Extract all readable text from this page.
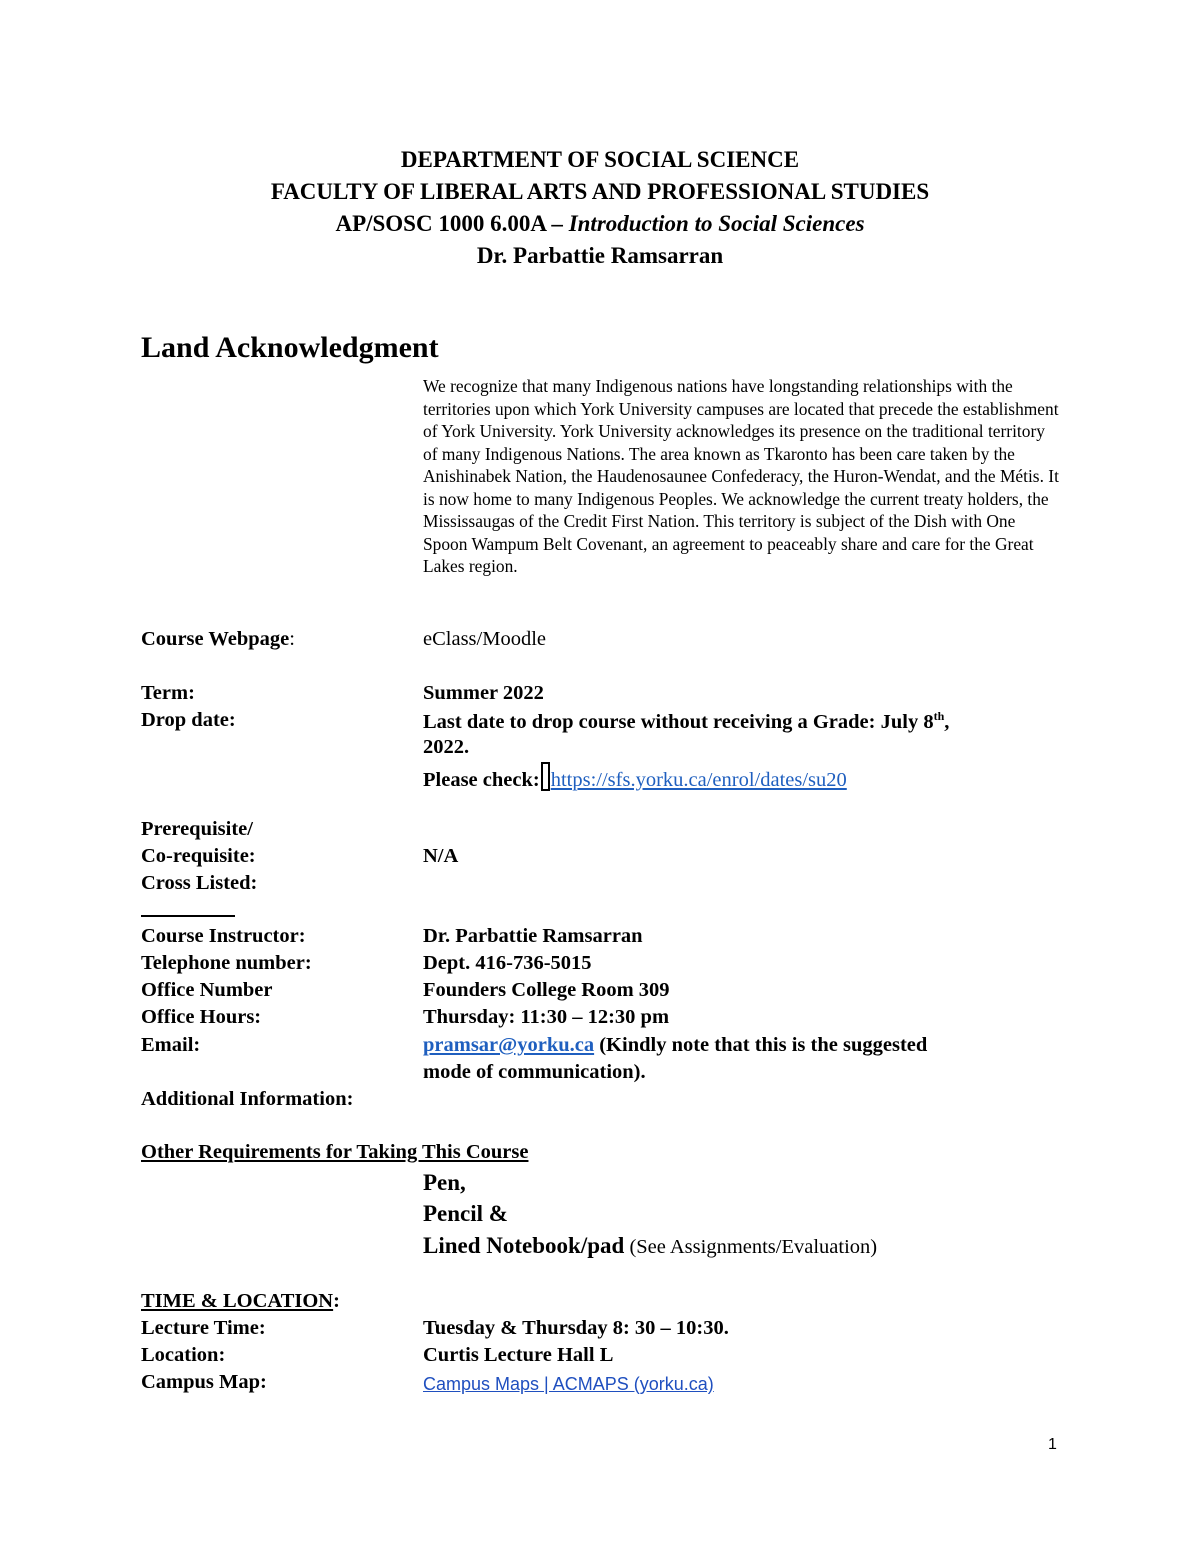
DEPARTMENT OF SOCIAL SCIENCE
FACULTY OF LIBERAL ARTS AND PROFESSIONAL STUDIES
AP/SOSC 1000 6.00A – Introduction to Social Sciences
Dr. Parbattie Ramsarran
Land Acknowledgment
We recognize that many Indigenous nations have longstanding relationships with the territories upon which York University campuses are located that precede the establishment of York University. York University acknowledges its presence on the traditional territory of many Indigenous Nations. The area known as Tkaronto has been care taken by the Anishinabek Nation, the Haudenosaunee Confederacy, the Huron-Wendat, and the Métis. It is now home to many Indigenous Peoples. We acknowledge the current treaty holders, the Mississaugas of the Credit First Nation. This territory is subject of the Dish with One Spoon Wampum Belt Covenant, an agreement to peaceably share and care for the Great Lakes region.
Course Webpage:	eClass/Moodle
Term:	Summer 2022
Drop date:	Last date to drop course without receiving a Grade: July 8th,
2022.
Please check: https://sfs.yorku.ca/enrol/dates/su20
Prerequisite/
Co-requisite:	N/A
Cross Listed:
Course Instructor:	Dr. Parbattie Ramsarran
Telephone number:	Dept. 416-736-5015
Office Number	Founders College Room 309
Office Hours:	Thursday: 11:30 – 12:30 pm
Email:	pramsar@yorku.ca (Kindly note that this is the suggested
mode of communication).
Additional Information:
Other Requirements for Taking This Course
Pen,
Pencil &
Lined Notebook/pad (See Assignments/Evaluation)
TIME & LOCATION:
Lecture Time:	Tuesday & Thursday 8: 30 – 10:30.
Location:	Curtis Lecture Hall L
Campus Map:	Campus Maps | ACMAPS (yorku.ca)
1
